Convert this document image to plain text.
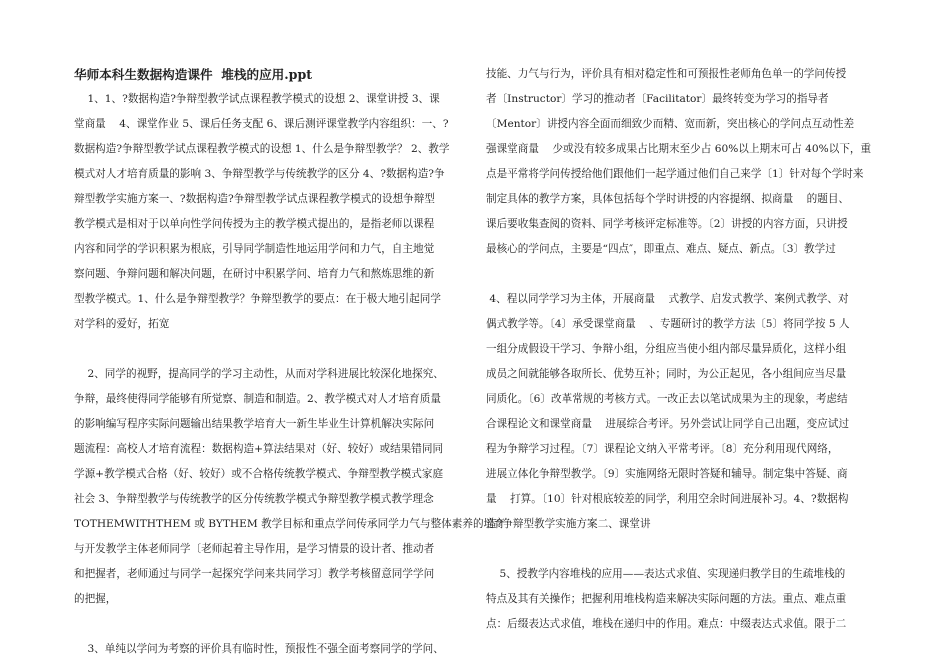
华师本科生数据构造课件  堆栈的应用.ppt

1、1、?数据构造?争辩型教学试点课程教学模式的设想 2、课堂讲授 3、课

堂商量    4、课堂作业 5、课后任务支配 6、课后测评课堂教学内容组织：一、?

数据构造?争辩型教学试点课程教学模式的设想 1、什么是争辩型教学？ 2、教学

模式对人才培育质量的影响 3、争辩型教学与传统教学的区分 4、?数据构造?争

辩型教学实施方案一、?数据构造?争辩型教学试点课程教学模式的设想争辩型

教学模式是相对于以单向性学问传授为主的教学模式提出的，是指老师以课程

内容和同学的学识积累为根底，引导同学制造性地运用学问和力气，自主地觉

察问题、争辩问题和解决问题，在研讨中积累学问、培育力气和熬炼思维的新

型教学模式。1、什么是争辩型教学？争辩型教学的要点：在于极大地引起同学

对学科的爱好，拓宽

2、同学的视野，提高同学的学习主动性，从而对学科进展比较深化地探究、

争辩，最终使得同学能够有所觉察、制造和制造。2、教学模式对人才培育质量

的影响编写程序实际问题输出结果教学培育大一新生毕业生计算机解决实际问

题流程：高校人才培育流程：数据构造+算法结果对（好、较好）或结果错同同

学源+教学模式合格（好、较好）或不合格传统教学模式、争辩型教学模式家庭

社会 3、争辩型教学与传统教学的区分传统教学模式争辩型教学模式教学理念

TOTHEMWITHTHEM 或 BYTHEM 教学目标和重点学问传承同学力气与整体素养的培育

与开发教学主体老师同学〔老师起着主导作用，是学习情景的设计者、推动者

和把握者，老师通过与同学一起探究学问来共同学习〕教学考核留意同学学问

的把握，

3、单纯以学问为考察的评价具有临时性，预报性不强全面考察同学的学问、

技能、力气与行为，评价具有相对稳定性和可预报性老师角色单一的学问传授

者〔Instructor〕学习的推动者〔Facilitator〕最终转变为学习的指导者

〔Mentor〕讲授内容全面而细致少而精、宽而新，突出核心的学问点互动性差

强课堂商量    少或没有较多成果占比期末至少占 60%以上期末可占 40%以下，重

点是平常将学问传授给他们跟他们一起学通过他们自己来学〔1〕针对每个学时来

制定具体的教学方案，具体包括每个学时讲授的内容提纲、拟商量    的题目、

课后要收集查阅的资料、同学考核评定标准等。〔2〕讲授的内容方面，只讲授

最核心的学问点，主要是“四点″，即重点、难点、疑点、新点。〔3〕教学过

4、程以同学学习为主体，开展商量    式教学、启发式教学、案例式教学、对

偶式教学等。〔4〕承受课堂商量    、专题研讨的教学方法〔5〕将同学按 5 人

一组分成假设干学习、争辩小组，分组应当使小组内部尽量异质化，这样小组

成员之间就能够各取所长、优势互补；同时，为公正起见，各小组间应当尽量

同质化。〔6〕改革常规的考核方式。一改正去以笔试成果为主的现象，考虑结

合课程论文和课堂商量    进展综合考评。另外尝试让同学自己出题，变应试过

程为争辩学习过程。〔7〕课程论文纳入平常考评。〔8〕充分利用现代网络，

进展立体化争辩型教学。〔9〕实施网络无限时答疑和辅导。制定集中答疑、商

量    打算。〔10〕针对根底较差的同学，利用空余时间进展补习。4、?数据构

造?争辩型教学实施方案二、课堂讲

5、授教学内容堆栈的应用——表达式求值、实现递归教学目的生疏堆栈的

特点及其有关操作；把握利用堆栈构造来解决实际问题的方法。重点、难点重

点：后缀表达式求值，堆栈在递归中的作用。难点：中缀表达式求值。限于二
